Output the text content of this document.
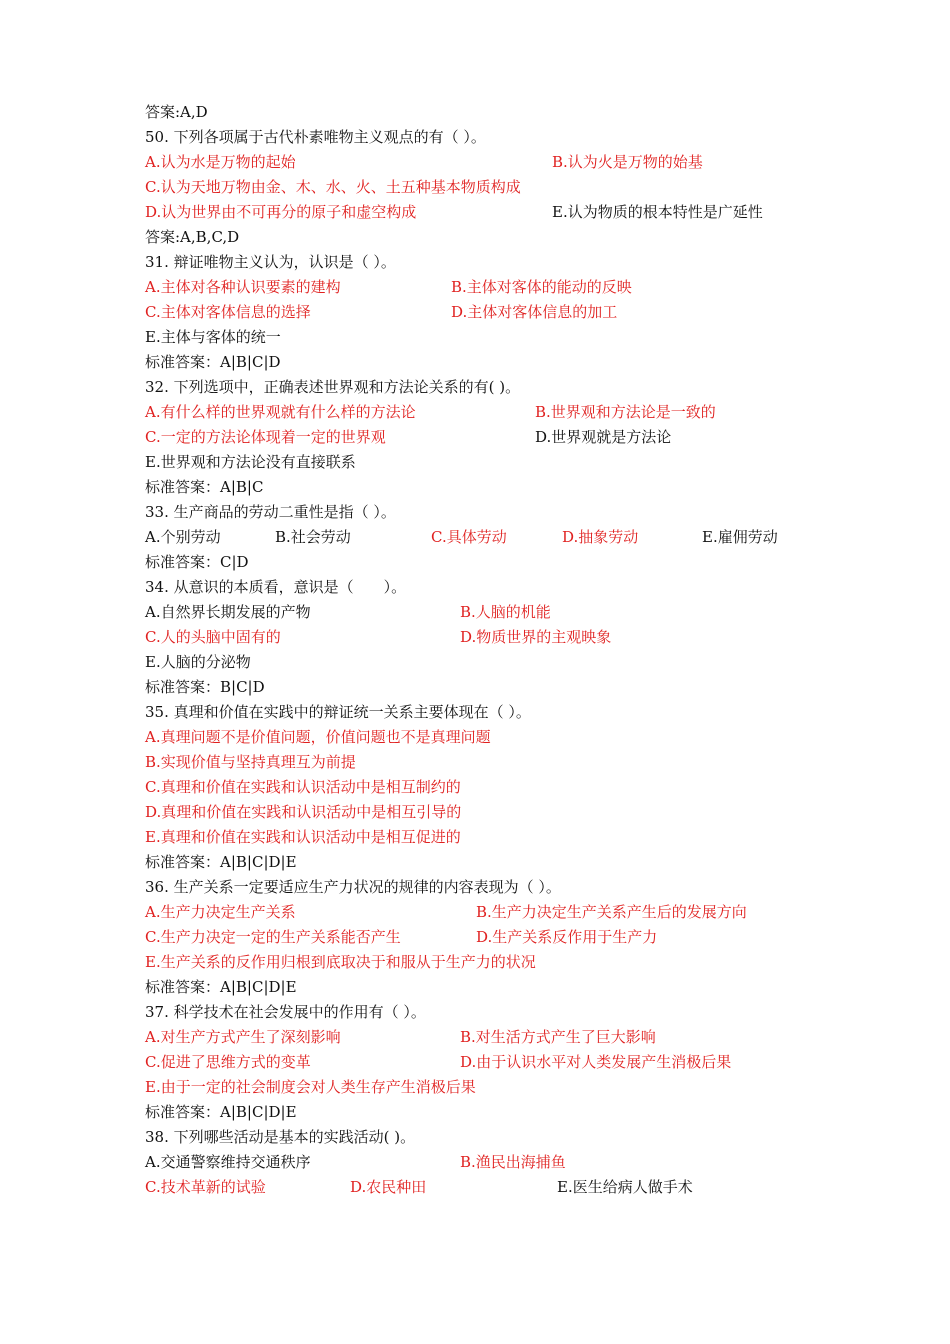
答案:A,D
50. 下列各项属于古代朴素唯物主义观点的有（ ）。
A.认为水是万物的起始	B.认为火是万物的始基
C.认为天地万物由金、木、水、火、土五种基本物质构成
D.认为世界由不可再分的原子和虚空构成	E.认为物质的根本特性是广延性
答案:A,B,C,D
31. 辩证唯物主义认为，认识是（ ）。
A.主体对各种认识要素的建构	B.主体对客体的能动的反映
C.主体对客体信息的选择	D.主体对客体信息的加工
E.主体与客体的统一
标准答案：A|B|C|D
32. 下列选项中，正确表述世界观和方法论关系的有( )。
A.有什么样的世界观就有什么样的方法论	B.世界观和方法论是一致的
C.一定的方法论体现着一定的世界观	D.世界观就是方法论
E.世界观和方法论没有直接联系
标准答案：A|B|C
33. 生产商品的劳动二重性是指（ ）。
A.个别劳动	B.社会劳动	C.具体劳动	D.抽象劳动	E.雇佣劳动
标准答案：C|D
34. 从意识的本质看，意识是（　　）。
A.自然界长期发展的产物	B.人脑的机能
C.人的头脑中固有的	D.物质世界的主观映象
E.人脑的分泌物
标准答案：B|C|D
35. 真理和价值在实践中的辩证统一关系主要体现在（ ）。
A.真理问题不是价值问题，价值问题也不是真理问题
B.实现价值与坚持真理互为前提
C.真理和价值在实践和认识活动中是相互制约的
D.真理和价值在实践和认识活动中是相互引导的
E.真理和价值在实践和认识活动中是相互促进的
标准答案：A|B|C|D|E
36. 生产关系一定要适应生产力状况的规律的内容表现为（ ）。
A.生产力决定生产关系	B.生产力决定生产关系产生后的发展方向
C.生产力决定一定的生产关系能否产生	D.生产关系反作用于生产力
E.生产关系的反作用归根到底取决于和服从于生产力的状况
标准答案：A|B|C|D|E
37. 科学技术在社会发展中的作用有（ ）。
A.对生产方式产生了深刻影响	B.对生活方式产生了巨大影响
C.促进了思维方式的变革	D.由于认识水平对人类发展产生消极后果
E.由于一定的社会制度会对人类生存产生消极后果
标准答案：A|B|C|D|E
38. 下列哪些活动是基本的实践活动( )。
A.交通警察维持交通秩序	B.渔民出海捕鱼
C.技术革新的试验	D.农民种田	E.医生给病人做手术
